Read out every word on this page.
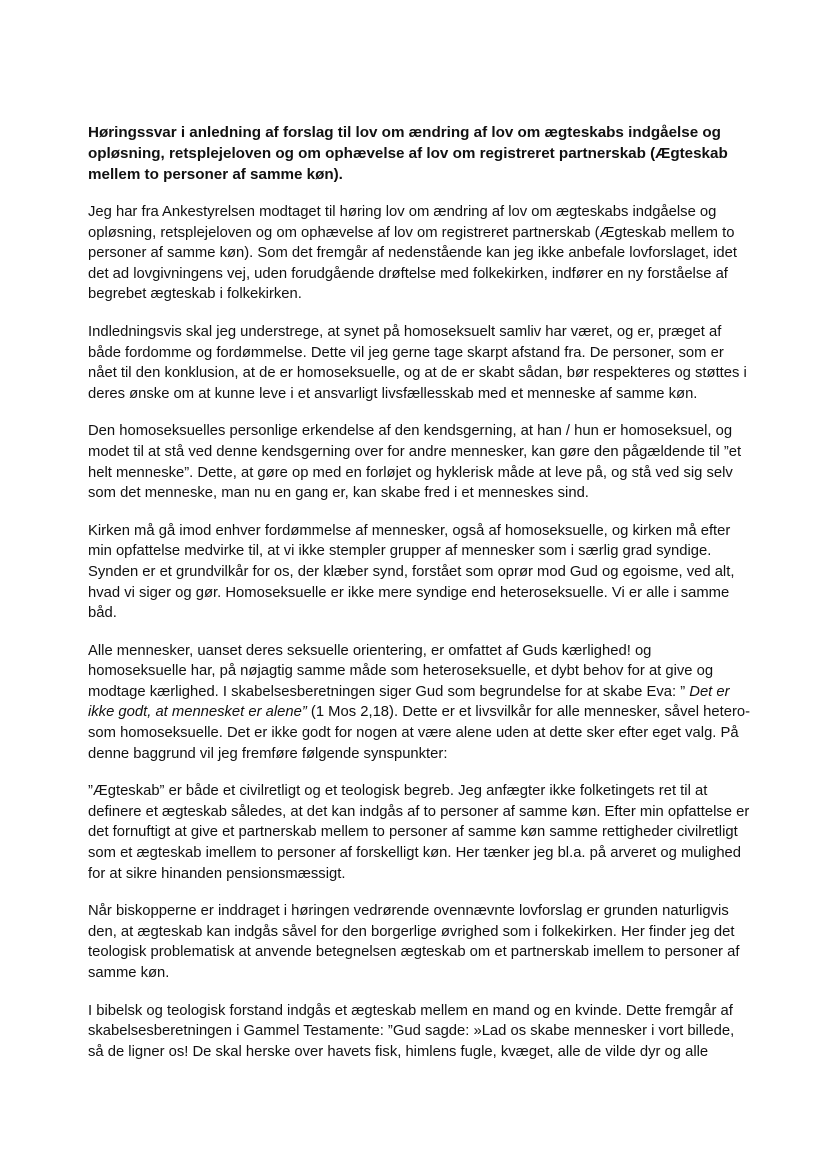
Høringssvar i anledning af forslag til lov om ændring af lov om ægteskabs indgåelse og opløsning, retsplejeloven og om ophævelse af lov om registreret partnerskab (Ægteskab mellem to personer af samme køn).

Jeg har fra Ankestyrelsen modtaget til høring lov om ændring af lov om ægteskabs indgåelse og opløsning, retsplejeloven og om ophævelse af lov om registreret partnerskab (Ægteskab mellem to personer af samme køn). Som det fremgår af nedenstående kan jeg ikke anbefale lovforslaget, idet det ad lovgivningens vej, uden forudgående drøftelse med folkekirken, indfører en ny forståelse af begrebet ægteskab i folkekirken.

Indledningsvis skal jeg understrege, at synet på homoseksuelt samliv har været, og er, præget af både fordomme og fordømmelse. Dette vil jeg gerne tage skarpt afstand fra. De personer, som er nået til den konklusion, at de er homoseksuelle, og at de er skabt sådan, bør respekteres og støttes i deres ønske om at kunne leve i et ansvarligt livsfællesskab med et menneske af samme køn.

Den homoseksuelles personlige erkendelse af den kendsgerning, at han / hun er homoseksuel, og modet til at stå ved denne kendsgerning over for andre mennesker, kan gøre den pågældende til ”et helt menneske”. Dette, at gøre op med en forløjet og hyklerisk måde at leve på, og stå ved sig selv som det menneske, man nu en gang er, kan skabe fred i et menneskes sind.

Kirken må gå imod enhver fordømmelse af mennesker, også af homoseksuelle, og kirken må efter min opfattelse medvirke til, at vi ikke stempler grupper af mennesker som i særlig grad syndige. Synden er et grundvilkår for os, der klæber synd, forstået som oprør mod Gud og egoisme, ved alt, hvad vi siger og gør. Homoseksuelle er ikke mere syndige end heteroseksuelle. Vi er alle i samme båd.

Alle mennesker, uanset deres seksuelle orientering, er omfattet af Guds kærlighed! og homoseksuelle har, på nøjagtig samme måde som heteroseksuelle, et dybt behov for at give og modtage kærlighed. I skabelsesberetningen siger Gud som begrundelse for at skabe Eva: ” Det er ikke godt, at mennesket er alene” (1 Mos 2,18). Dette er et livsvilkår for alle mennesker, såvel hetero- som homoseksuelle. Det er ikke godt for nogen at være alene uden at dette sker efter eget valg. På denne baggrund vil jeg fremføre følgende synspunkter:

”Ægteskab” er både et civilretligt og et teologisk begreb. Jeg anfægter ikke folketingets ret til at definere et ægteskab således, at det kan indgås af to personer af samme køn. Efter min opfattelse er det fornuftigt at give et partnerskab mellem to personer af samme køn samme rettigheder civilretligt som et ægteskab imellem to personer af forskelligt køn. Her tænker jeg bl.a. på arveret og mulighed for at sikre hinanden pensionsmæssigt.

Når biskopperne er inddraget i høringen vedrørende ovennævnte lovforslag er grunden naturligvis den, at ægteskab kan indgås såvel for den borgerlige øvrighed som i folkekirken. Her finder jeg det teologisk problematisk at anvende betegnelsen ægteskab om et partnerskab imellem to personer af samme køn.

I bibelsk og teologisk forstand indgås et ægteskab mellem en mand og en kvinde. Dette fremgår af skabelsesberetningen i Gammel Testamente: ”Gud sagde: »Lad os skabe mennesker i vort billede, så de ligner os! De skal herske over havets fisk, himlens fugle, kvæget, alle de vilde dyr og alle
